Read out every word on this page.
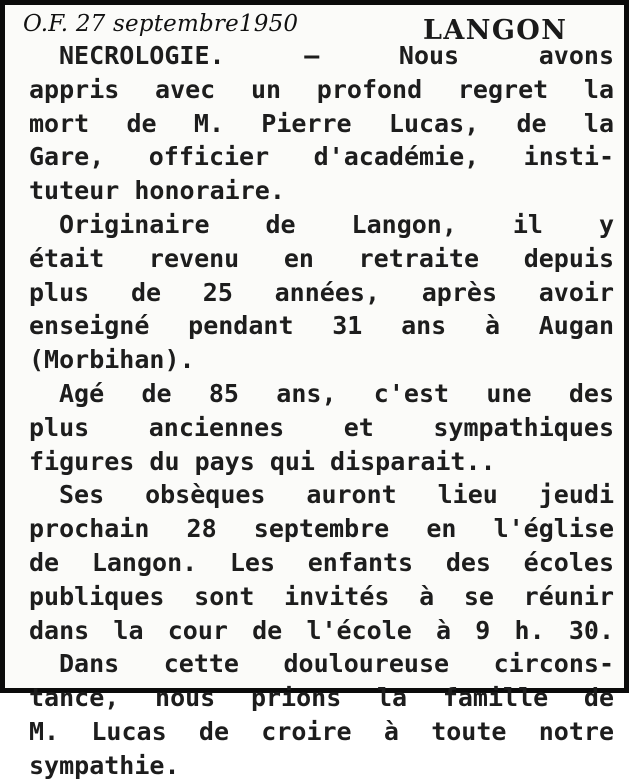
O.F. 27 septembre1950	LANGON
NECROLOGIE. — Nous avons
appris avec un profond regret la
mort de M. Pierre Lucas, de la
Gare, officier d'académie, insti-
tuteur honoraire.
Originaire de Langon, il y
était revenu en retraite depuis
plus de 25 années, après avoir
enseigné pendant 31 ans à Augan
(Morbihan).
Agé de 85 ans, c'est une des
plus anciennes et sympathiques
figures du pays qui disparait..
Ses obsèques auront lieu jeudi
prochain 28 septembre en l'église
de Langon. Les enfants des écoles
publiques sont invités à se réunir
dans la cour de l'école à 9 h. 30.
Dans cette douloureuse circons-
tance, nous prions la famille de
M. Lucas de croire à toute notre
sympathie.
